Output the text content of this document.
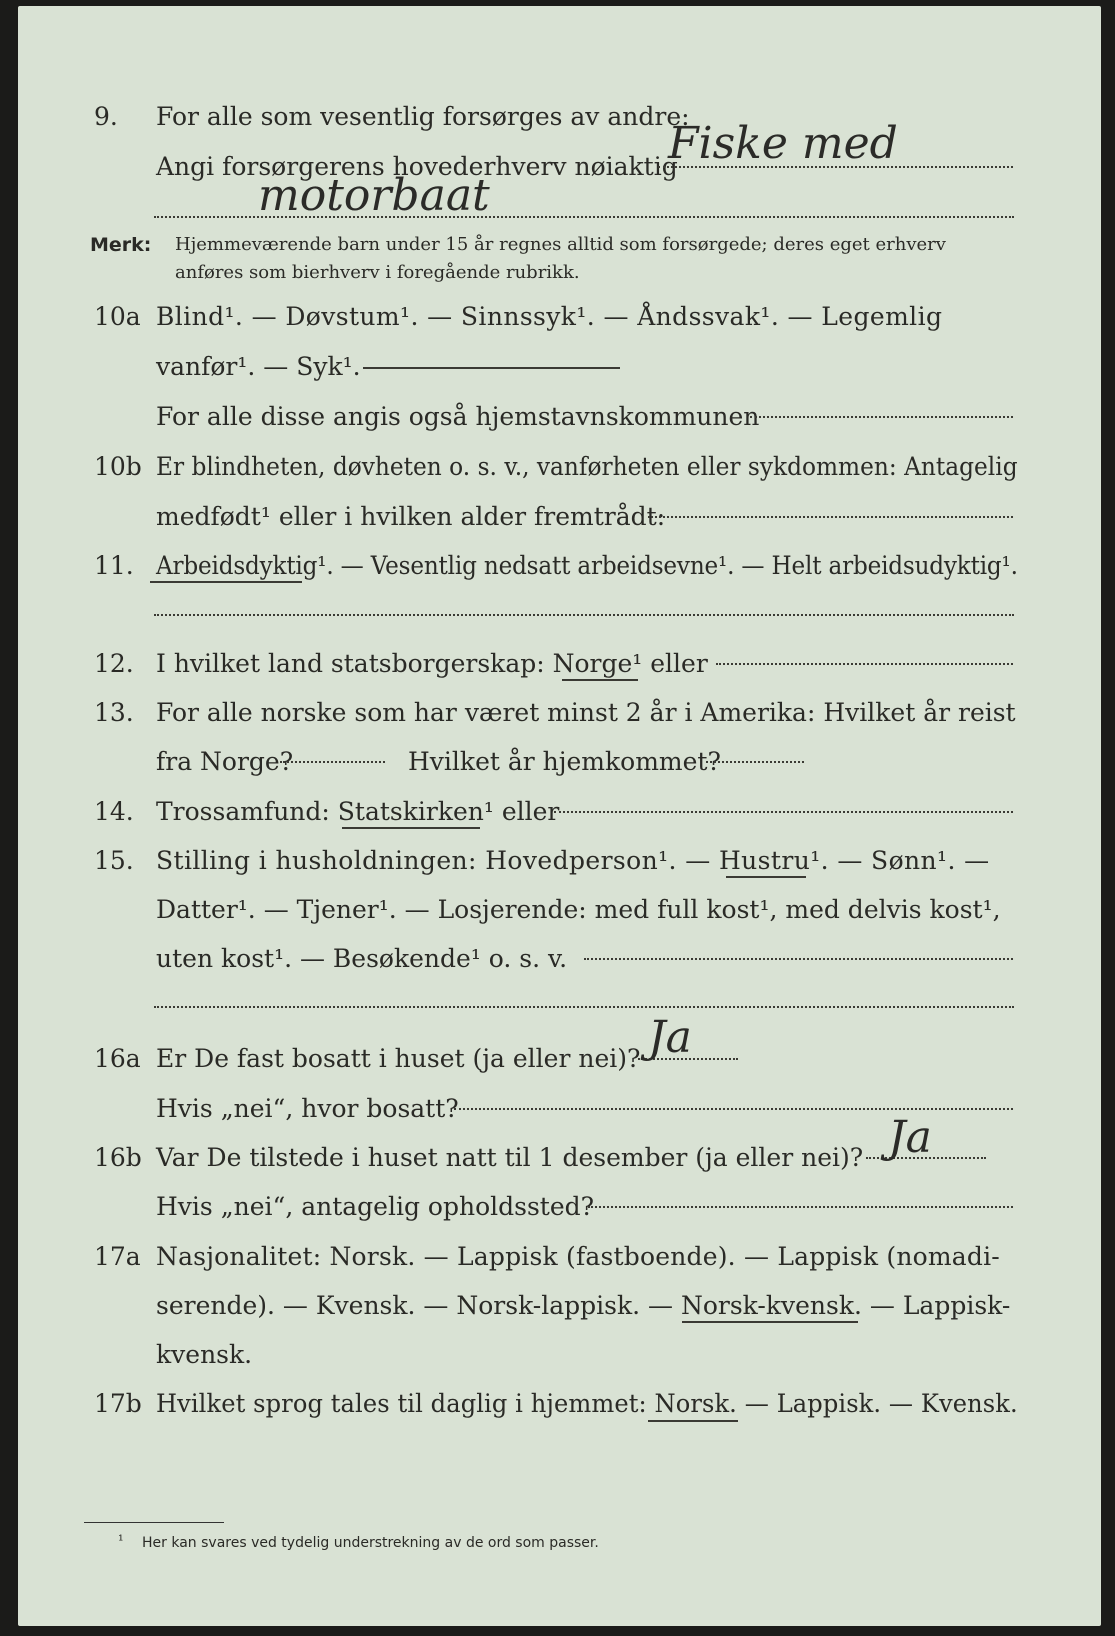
9. For alle som vesentlig forsørges av andre:
Angi forsørgerens hovederhverv nøiaktig
Fiske med
motorbaat
Merk: Hjemmeværende barn under 15 år regnes alltid som forsørgede; deres eget erhverv
anføres som bierhverv i foregående rubrikk.
10a Blind¹. — Døvstum¹. — Sinnssyk¹. — Åndssvak¹. — Legemlig
vanfør¹. — Syk¹.
For alle disse angis også hjemstavnskommunen
10b Er blindheten, døvheten o. s. v., vanførheten eller sykdommen: Antagelig
medfødt¹ eller i hvilken alder fremtrådt:
11. Arbeidsdyktig¹. — Vesentlig nedsatt arbeidsevne¹. — Helt arbeidsudyktig¹.
12. I hvilket land statsborgerskap: Norge¹ eller
13. For alle norske som har været minst 2 år i Amerika: Hvilket år reist
fra Norge?	Hvilket år hjemkommet?
14. Trossamfund: Statskirken¹ eller
15. Stilling i husholdningen: Hovedperson¹. — Hustru¹. — Sønn¹. —
Datter¹. — Tjener¹. — Losjerende: med full kost¹, med delvis kost¹,
uten kost¹. — Besøkende¹ o. s. v.
16a Er De fast bosatt i huset (ja eller nei)? Ja
Hvis „nei“, hvor bosatt?
16b Var De tilstede i huset natt til 1 desember (ja eller nei)? Ja
Hvis „nei“, antagelig opholdssted?
17a Nasjonalitet: Norsk. — Lappisk (fastboende). — Lappisk (nomadi-
serende). — Kvensk. — Norsk-lappisk. — Norsk-kvensk. — Lappisk-
kvensk.
17b Hvilket sprog tales til daglig i hjemmet: Norsk. — Lappisk. — Kvensk.
¹ Her kan svares ved tydelig understrekning av de ord som passer.
